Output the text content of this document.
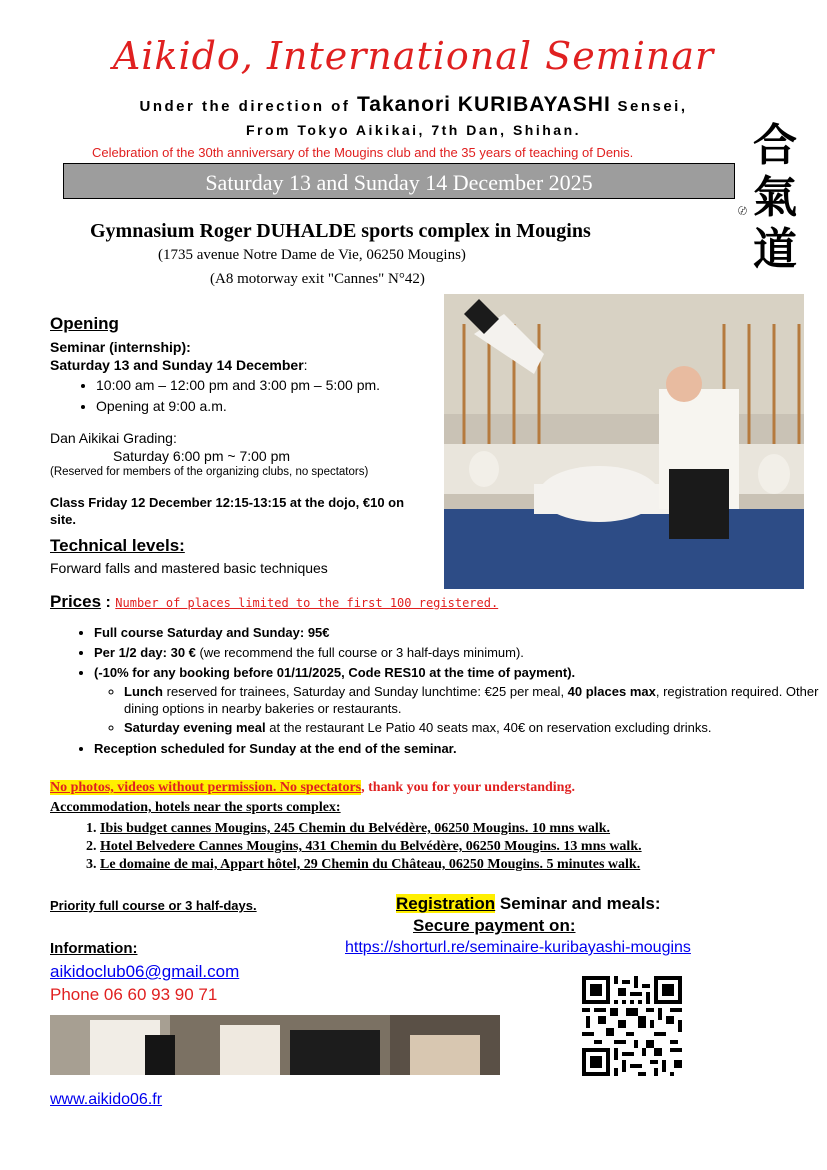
Aikido, International Seminar
Under the direction of Takanori KURIBAYASHI Sensei,
From Tokyo Aikikai, 7th Dan, Shihan.
Celebration of the 30th anniversary of the Mougins club and the 35 years of teaching of Denis.
Saturday 13 and Sunday 14 December 2025
合
氣
道
〄
Gymnasium Roger DUHALDE sports complex in Mougins
(1735 avenue Notre Dame de Vie, 06250 Mougins)
(A8 motorway exit "Cannes" N°42)
Opening
Seminar (internship):
Saturday 13 and Sunday 14 December:
• 10:00 am – 12:00 pm and 3:00 pm – 5:00 pm.
• Opening at 9:00 a.m.
Dan Aikikai Grading:
Saturday 6:00 pm ~ 7:00 pm
(Reserved for members of the organizing clubs, no spectators)
Class Friday 12 December 12:15-13:15 at the dojo, €10 on site.
Technical levels:
Forward falls and mastered basic techniques
Prices : Number of places limited to the first 100 registered.
• Full course Saturday and Sunday: 95€
• Per 1/2 day: 30 € (we recommend the full course or 3 half-days minimum).
• (-10% for any booking before 01/11/2025, Code RES10 at the time of payment).
◦ Lunch reserved for trainees, Saturday and Sunday lunchtime: €25 per meal, 40 places max, registration required. Other dining options in nearby bakeries or restaurants.
◦ Saturday evening meal at the restaurant Le Patio 40 seats max, 40€ on reservation excluding drinks.
• Reception scheduled for Sunday at the end of the seminar.
No photos, videos without permission. No spectators, thank you for your understanding.
Accommodation, hotels near the sports complex:
1. Ibis budget cannes Mougins, 245 Chemin du Belvédère, 06250 Mougins. 10 mns walk.
2. Hotel Belvedere Cannes Mougins, 431 Chemin du Belvédère, 06250 Mougins. 13 mns walk.
3. Le domaine de mai, Appart hôtel, 29 Chemin du Château, 06250 Mougins. 5 minutes walk.
Priority full course or 3 half-days.	Registration Seminar and meals:
Secure payment on:
https://shorturl.re/seminaire-kuribayashi-mougins
Information:
aikidoclub06@gmail.com
Phone 06 60 93 90 71
www.aikido06.fr
